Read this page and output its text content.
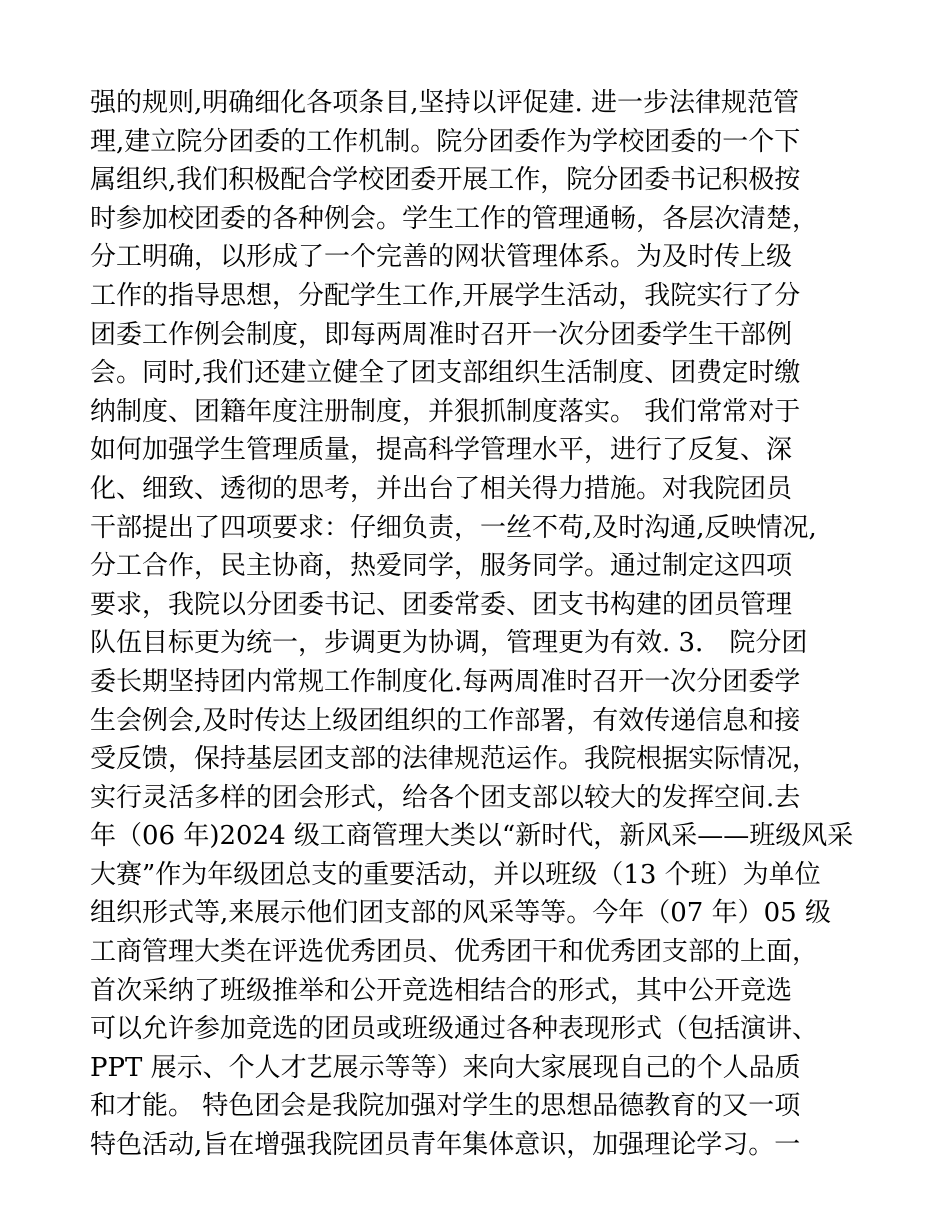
强的规则,明确细化各项条目,坚持以评促建. 进一步法律规范管
理,建立院分团委的工作机制。院分团委作为学校团委的一个下
属组织,我们积极配合学校团委开展工作，院分团委书记积极按
时参加校团委的各种例会。学生工作的管理通畅，各层次清楚，
分工明确，以形成了一个完善的网状管理体系。为及时传上级
工作的指导思想，分配学生工作,开展学生活动，我院实行了分
团委工作例会制度，即每两周准时召开一次分团委学生干部例
会。同时,我们还建立健全了团支部组织生活制度、团费定时缴
纳制度、团籍年度注册制度，并狠抓制度落实。 我们常常对于
如何加强学生管理质量，提高科学管理水平，进行了反复、深
化、细致、透彻的思考，并出台了相关得力措施。对我院团员
干部提出了四项要求：仔细负责，一丝不苟,及时沟通,反映情况,
分工合作，民主协商，热爱同学，服务同学。通过制定这四项
要求，我院以分团委书记、团委常委、团支书构建的团员管理
队伍目标更为统一，步调更为协调，管理更为有效. 3． 院分团
委长期坚持团内常规工作制度化.每两周准时召开一次分团委学
生会例会,及时传达上级团组织的工作部署，有效传递信息和接
受反馈，保持基层团支部的法律规范运作。我院根据实际情况，
实行灵活多样的团会形式，给各个团支部以较大的发挥空间.去
年（06 年)2024 级工商管理大类以“新时代，新风采——班级风采
大赛”作为年级团总支的重要活动，并以班级（13 个班）为单位
组织形式等,来展示他们团支部的风采等等。今年（07 年）05 级
工商管理大类在评选优秀团员、优秀团干和优秀团支部的上面，
首次采纳了班级推举和公开竞选相结合的形式，其中公开竞选
可以允许参加竞选的团员或班级通过各种表现形式（包括演讲、
PPT 展示、个人才艺展示等等）来向大家展现自己的个人品质
和才能。 特色团会是我院加强对学生的思想品德教育的又一项
特色活动,旨在增强我院团员青年集体意识，加强理论学习。一
